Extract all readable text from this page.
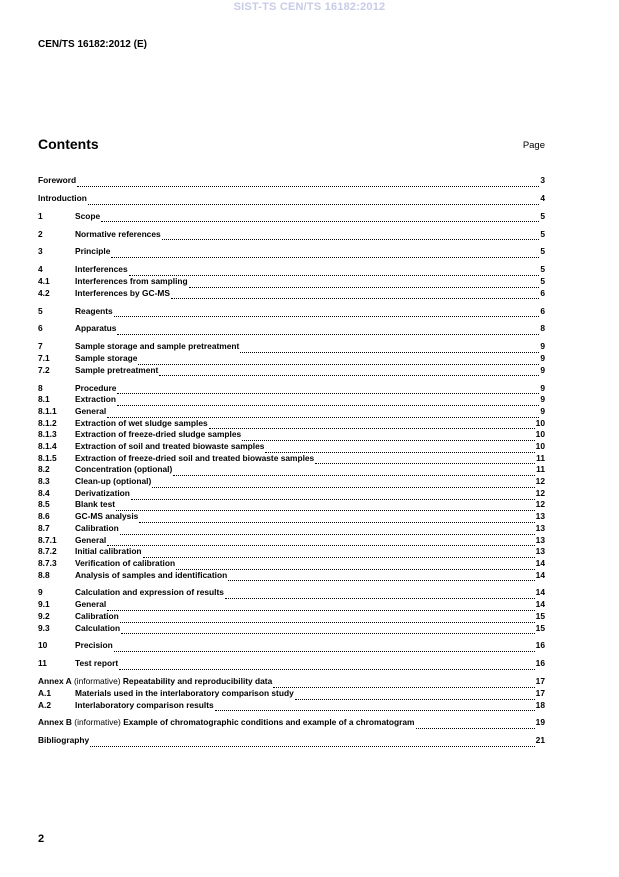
SIST-TS CEN/TS 16182:2012
CEN/TS 16182:2012 (E)
Contents	Page
Foreword	3
Introduction	4
1	Scope	5
2	Normative references	5
3	Principle	5
4	Interferences	5
4.1	Interferences from sampling	5
4.2	Interferences by GC-MS	6
5	Reagents	6
6	Apparatus	8
7	Sample storage and sample pretreatment	9
7.1	Sample storage	9
7.2	Sample pretreatment	9
8	Procedure	9
8.1	Extraction	9
8.1.1	General	9
8.1.2	Extraction of wet sludge samples	10
8.1.3	Extraction of freeze-dried sludge samples	10
8.1.4	Extraction of soil and treated biowaste samples	10
8.1.5	Extraction of freeze-dried soil and treated biowaste samples	11
8.2	Concentration (optional)	11
8.3	Clean-up (optional)	12
8.4	Derivatization	12
8.5	Blank test	12
8.6	GC-MS analysis	13
8.7	Calibration	13
8.7.1	General	13
8.7.2	Initial calibration	13
8.7.3	Verification of calibration	14
8.8	Analysis of samples and identification	14
9	Calculation and expression of results	14
9.1	General	14
9.2	Calibration	15
9.3	Calculation	15
10	Precision	16
11	Test report	16
Annex A (informative) Repeatability and reproducibility data	17
A.1	Materials used in the interlaboratory comparison study	17
A.2	Interlaboratory comparison results	18
Annex B (informative) Example of chromatographic conditions and example of a chromatogram	19
Bibliography	21
2
